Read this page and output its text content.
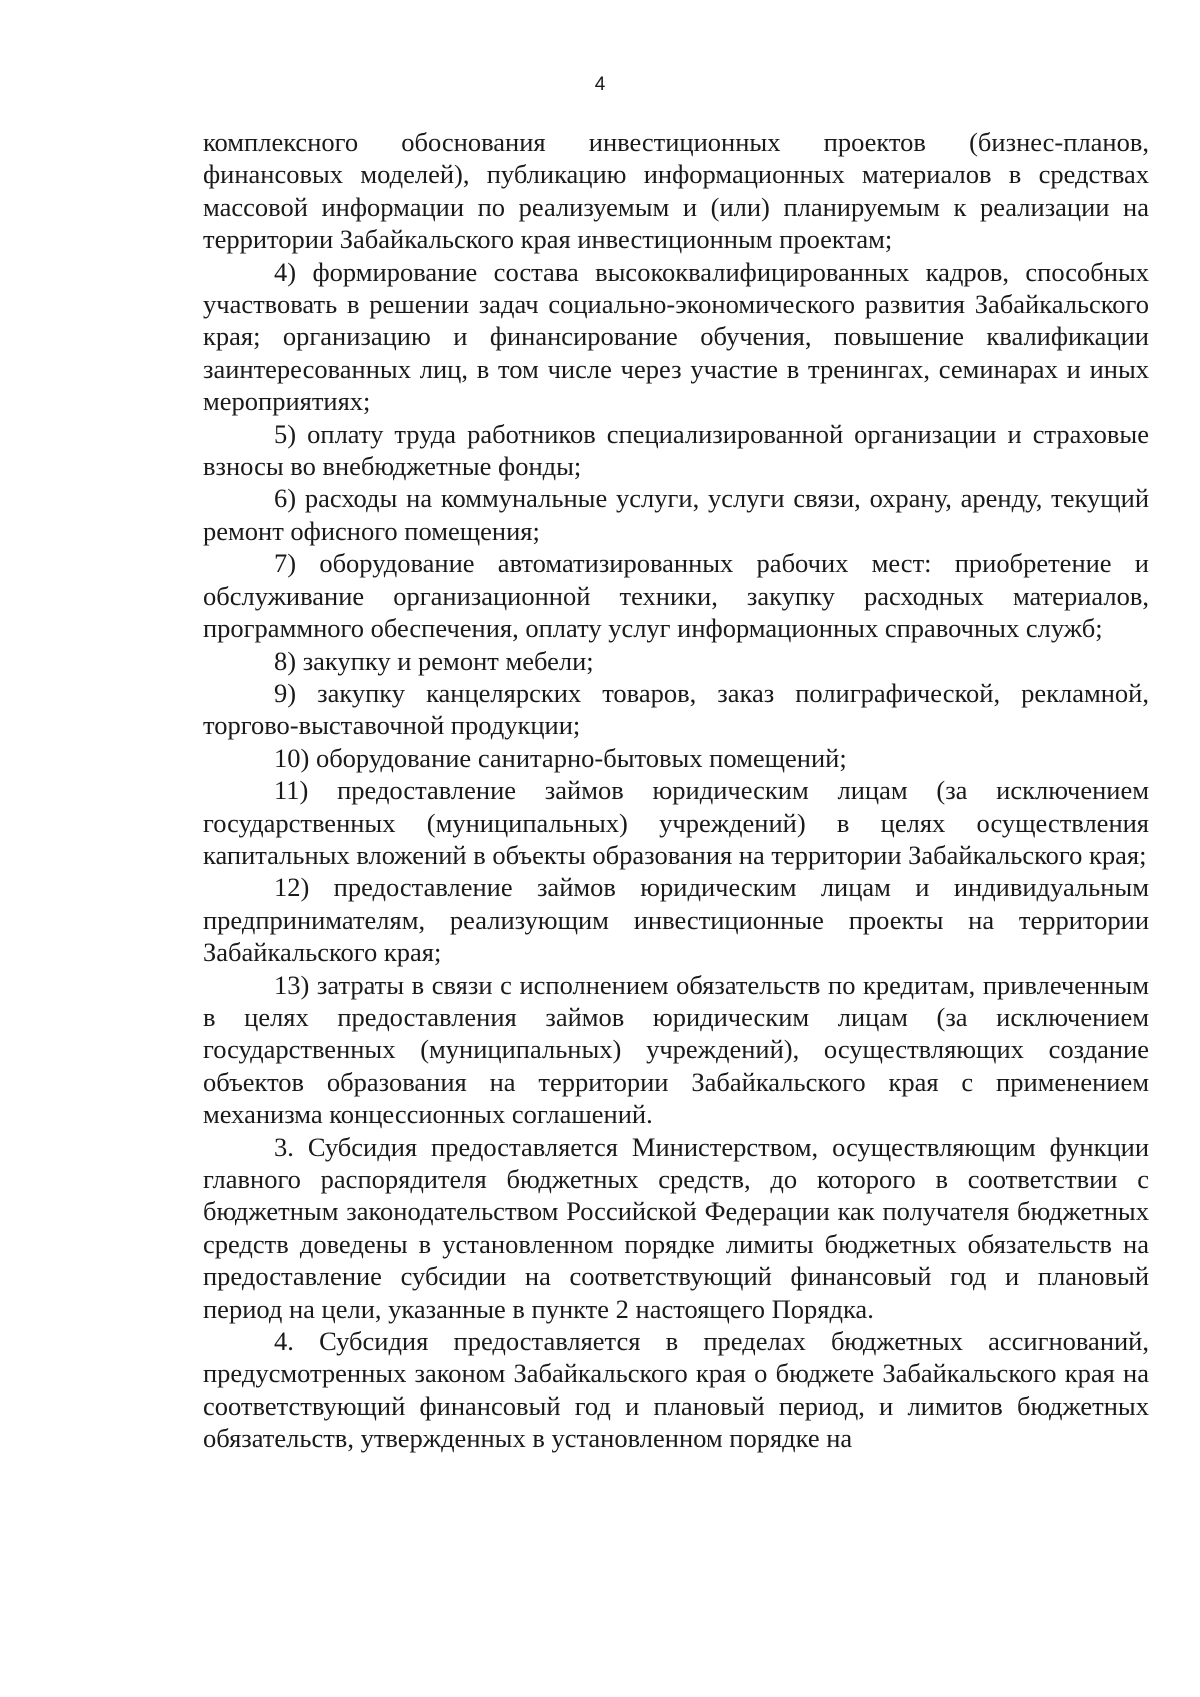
4

комплексного обоснования инвестиционных проектов (бизнес-планов, финансовых моделей), публикацию информационных материалов в средствах массовой информации по реализуемым и (или) планируемым к реализации на территории Забайкальского края инвестиционным проектам;

4) формирование состава высококвалифицированных кадров, способных участвовать в решении задач социально-экономического развития Забайкальского края; организацию и финансирование обучения, повышение квалификации заинтересованных лиц, в том числе через участие в тренингах, семинарах и иных мероприятиях;

5) оплату труда работников специализированной организации и страховые взносы во внебюджетные фонды;

6) расходы на коммунальные услуги, услуги связи, охрану, аренду, текущий ремонт офисного помещения;

7) оборудование автоматизированных рабочих мест: приобретение и обслуживание организационной техники, закупку расходных материалов, программного обеспечения, оплату услуг информационных справочных служб;

8) закупку и ремонт мебели;

9) закупку канцелярских товаров, заказ полиграфической, рекламной, торгово-выставочной продукции;

10) оборудование санитарно-бытовых помещений;

11) предоставление займов юридическим лицам (за исключением государственных (муниципальных) учреждений) в целях осуществления капитальных вложений в объекты образования на территории Забайкальского края;

12) предоставление займов юридическим лицам и индивидуальным предпринимателям, реализующим инвестиционные проекты на территории Забайкальского края;

13) затраты в связи с исполнением обязательств по кредитам, привлеченным в целях предоставления займов юридическим лицам (за исключением государственных (муниципальных) учреждений), осуществляющих создание объектов образования на территории Забайкальского края с применением механизма концессионных соглашений.

3. Субсидия предоставляется Министерством, осуществляющим функции главного распорядителя бюджетных средств, до которого в соответствии с бюджетным законодательством Российской Федерации как получателя бюджетных средств доведены в установленном порядке лимиты бюджетных обязательств на предоставление субсидии на соответствующий финансовый год и плановый период на цели, указанные в пункте 2 настоящего Порядка.

4. Субсидия предоставляется в пределах бюджетных ассигнований, предусмотренных законом Забайкальского края о бюджете Забайкальского края на соответствующий финансовый год и плановый период, и лимитов бюджетных обязательств, утвержденных в установленном порядке на
